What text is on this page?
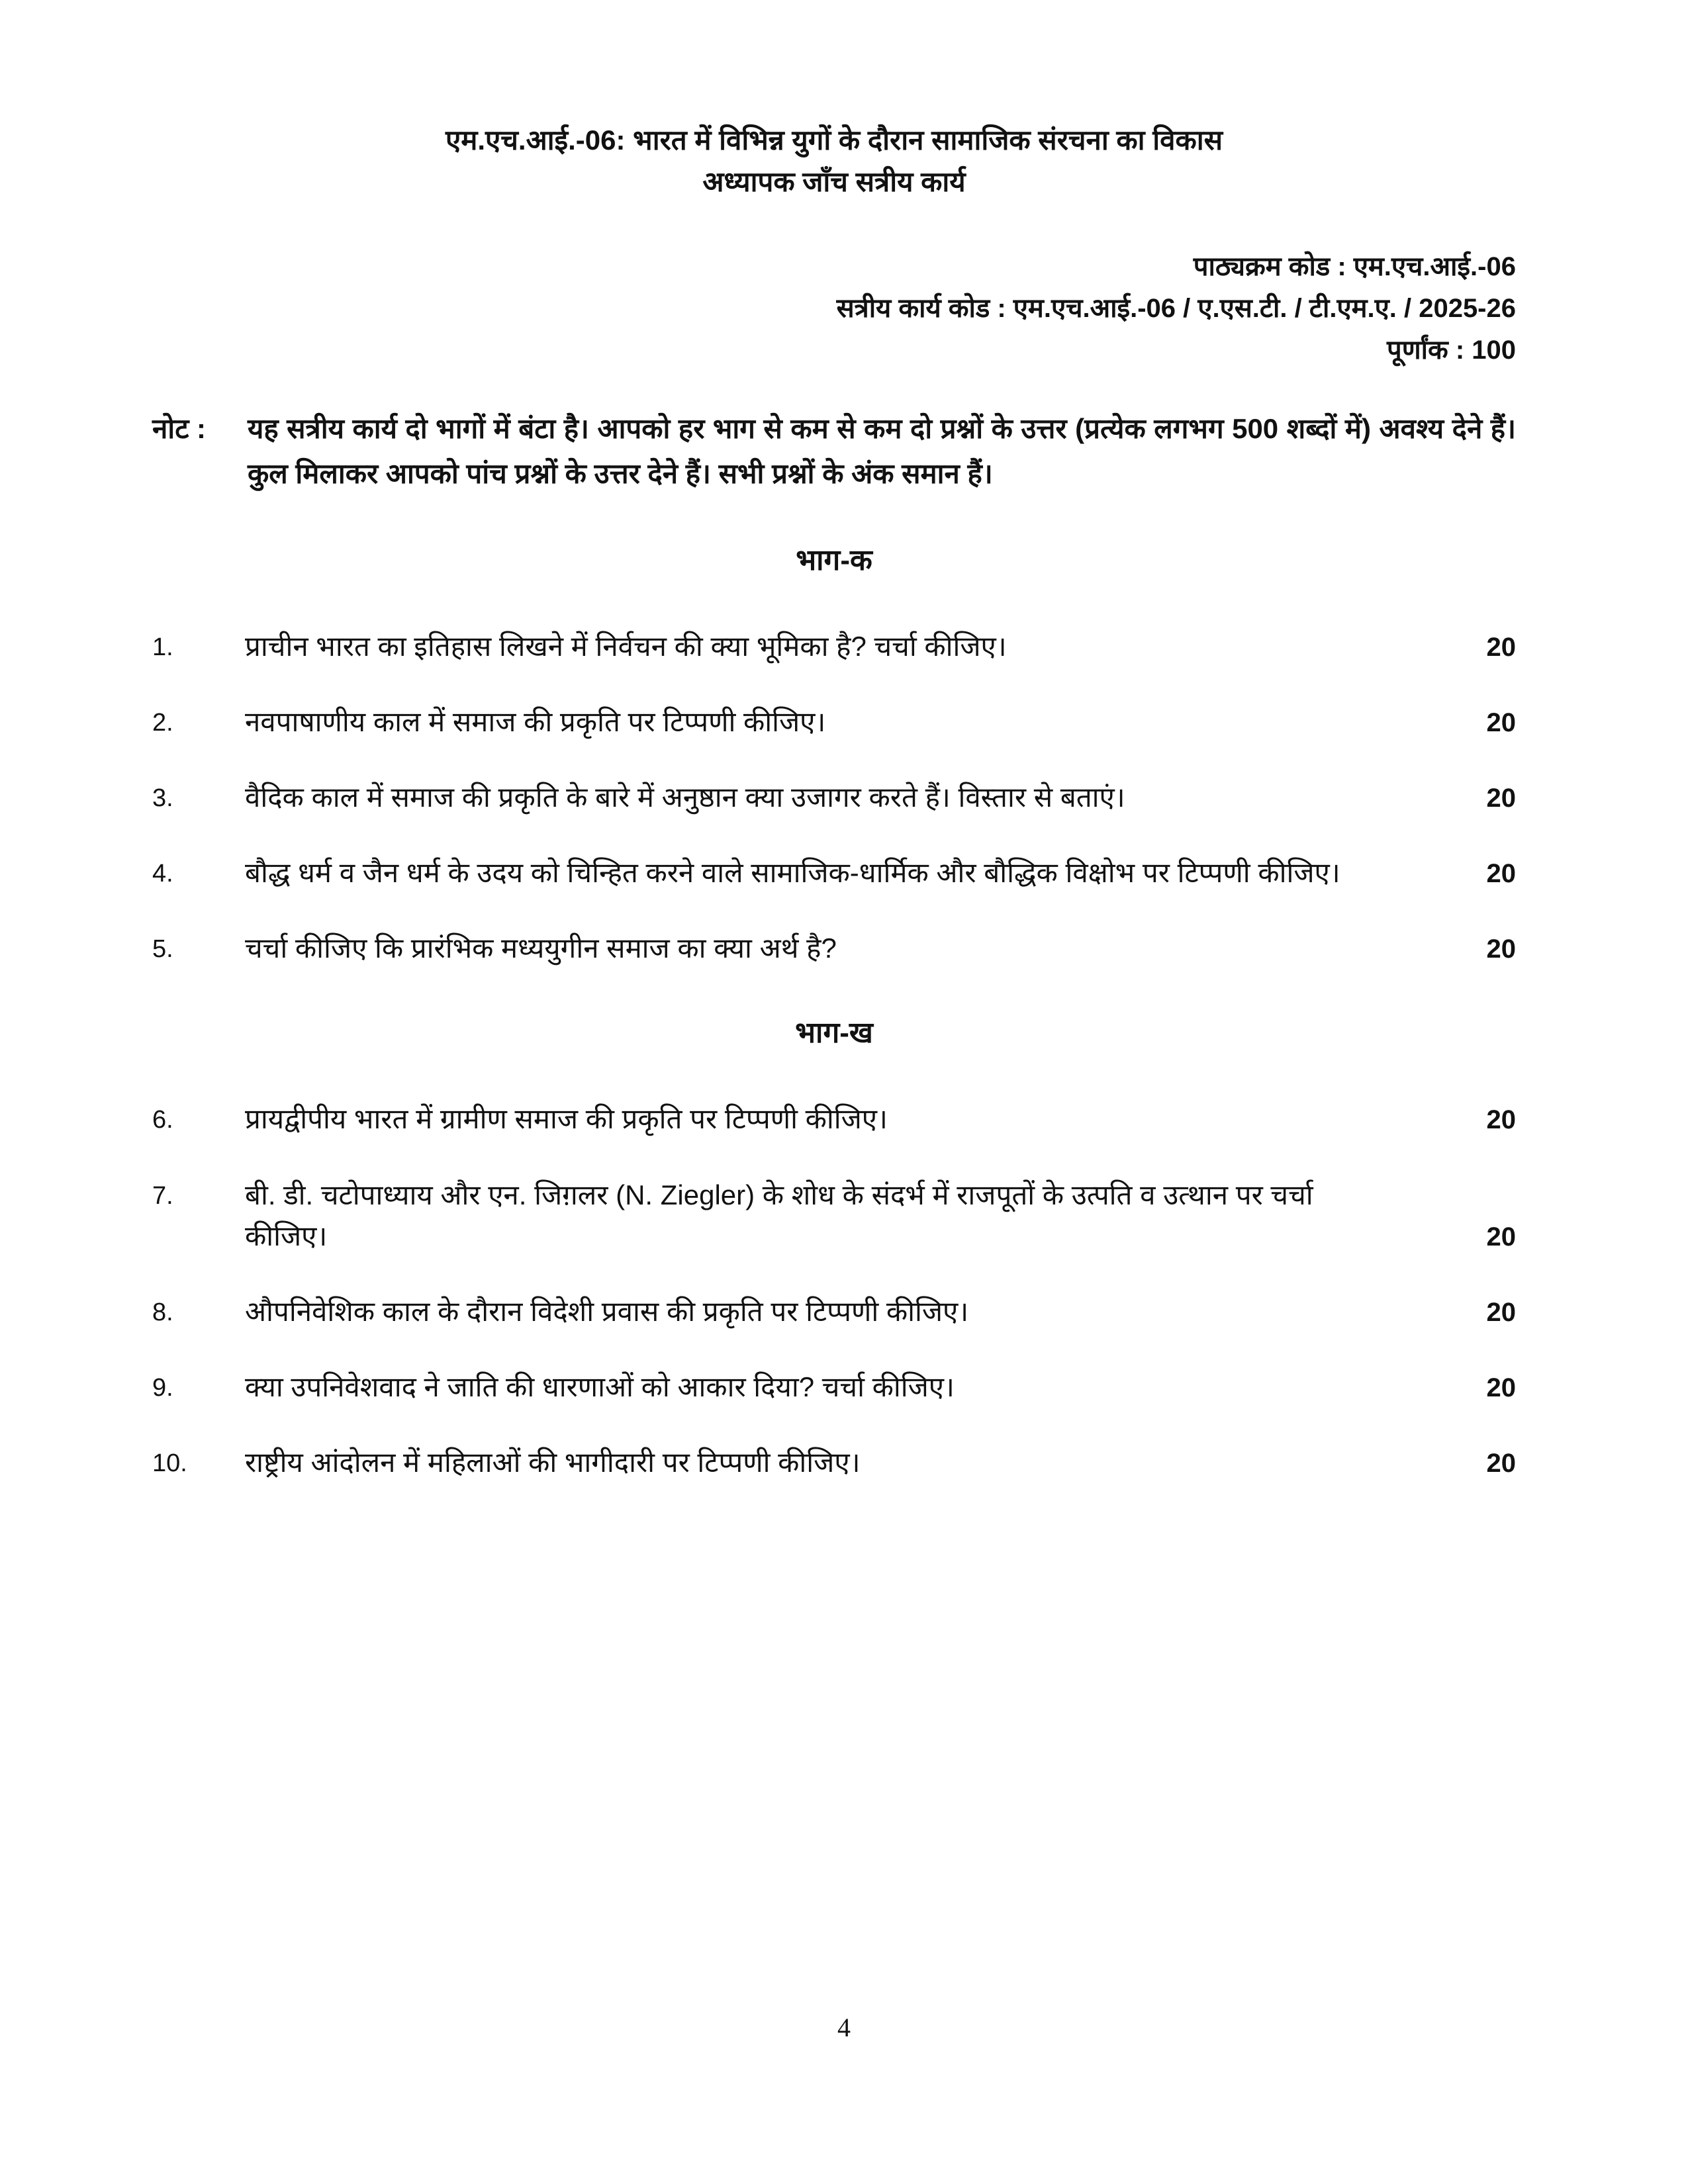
एम.एच.आई.-06: भारत में विभिन्न युगों के दौरान सामाजिक संरचना का विकास
अध्यापक जाँच सत्रीय कार्य
पाठ्यक्रम कोड : एम.एच.आई.-06
सत्रीय कार्य कोड : एम.एच.आई.-06 / ए.एस.टी. / टी.एम.ए. / 2025-26
पूर्णांक : 100
नोट :	यह सत्रीय कार्य दो भागों में बंटा है। आपको हर भाग से कम से कम दो प्रश्नों के उत्तर (प्रत्येक लगभग 500 शब्दों में) अवश्य देने हैं। कुल मिलाकर आपको पांच प्रश्नों के उत्तर देने हैं। सभी प्रश्नों के अंक समान हैं।

भाग-क
1.	प्राचीन भारत का इतिहास लिखने में निर्वचन की क्या भूमिका है? चर्चा कीजिए।	20
2.	नवपाषाणीय काल में समाज की प्रकृति पर टिप्पणी कीजिए।	20
3.	वैदिक काल में समाज की प्रकृति के बारे में अनुष्ठान क्या उजागर करते हैं। विस्तार से बताएं।	20
4.	बौद्ध धर्म व जैन धर्म के उदय को चिन्हित करने वाले सामाजिक-धार्मिक और बौद्धिक विक्षोभ पर टिप्पणी कीजिए।	20
5.	चर्चा कीजिए कि प्रारंभिक मध्ययुगीन समाज का क्या अर्थ है?	20
भाग-ख
6.	प्रायद्वीपीय भारत में ग्रामीण समाज की प्रकृति पर टिप्पणी कीजिए।	20
7.	बी. डी. चटोपाध्याय और एन. जिग़लर (N. Ziegler) के शोध के संदर्भ में राजपूतों के उत्पति व उत्थान पर चर्चा कीजिए।	20
8.	औपनिवेशिक काल के दौरान विदेशी प्रवास की प्रकृति पर टिप्पणी कीजिए।	20
9.	क्या उपनिवेशवाद ने जाति की धारणाओं को आकार दिया? चर्चा कीजिए।	20
10.	राष्ट्रीय आंदोलन में महिलाओं की भागीदारी पर टिप्पणी कीजिए।	20
4
